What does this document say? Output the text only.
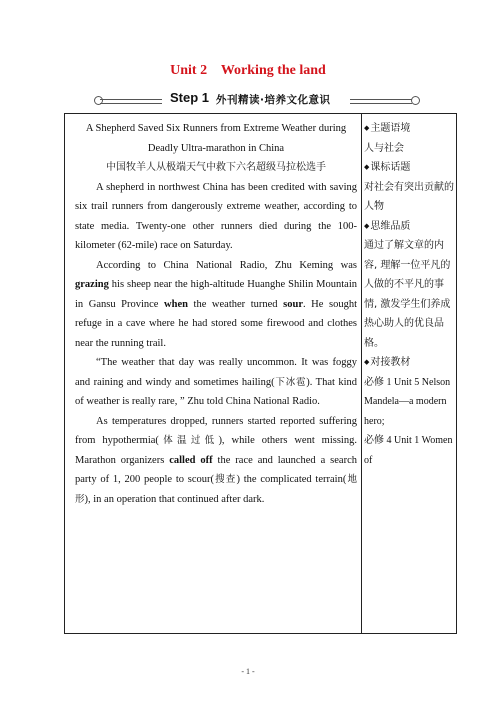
Unit 2    Working the land
Step 1 外刊精读·培养文化意识

A Shepherd Saved Six Runners from Extreme Weather during

Deadly Ultra-marathon in China

中国牧羊人从极端天气中救下六名超级马拉松选手

A shepherd in northwest China has been credited with saving six trail runners from dangerously extreme weather, according to state media. Twenty-one other runners died during the 100-kilometer (62-mile) race on Saturday.

According to China National Radio, Zhu Keming was grazing his sheep near the high-altitude Huanghe Shilin Mountain in Gansu Province when the weather turned sour. He sought refuge in a cave where he had stored some firewood and clothes near the running trail.

“The weather that day was really uncommon. It was foggy and raining and windy and sometimes hailing(下冰雹). That kind of weather is really rare, ” Zhu told China National Radio.

As temperatures dropped, runners started reported suffering from hypothermia(体温过低), while others went missing. Marathon organizers called off the race and launched a search party of 1, 200 people to scour(搜查) the complicated terrain(地形), in an operation that continued after dark.

◆主题语境
人与社会
◆课标话题
对社会有突出贡献的人物
◆思维品质
通过了解文章的内容, 理解一位平凡的人做的不平凡的事情, 激发学生们养成热心助人的优良品格。
◆对接教材
必修 1 Unit 5 Nelson Mandela—a modern hero;
必修 4 Unit 1 Women of
- 1 -
